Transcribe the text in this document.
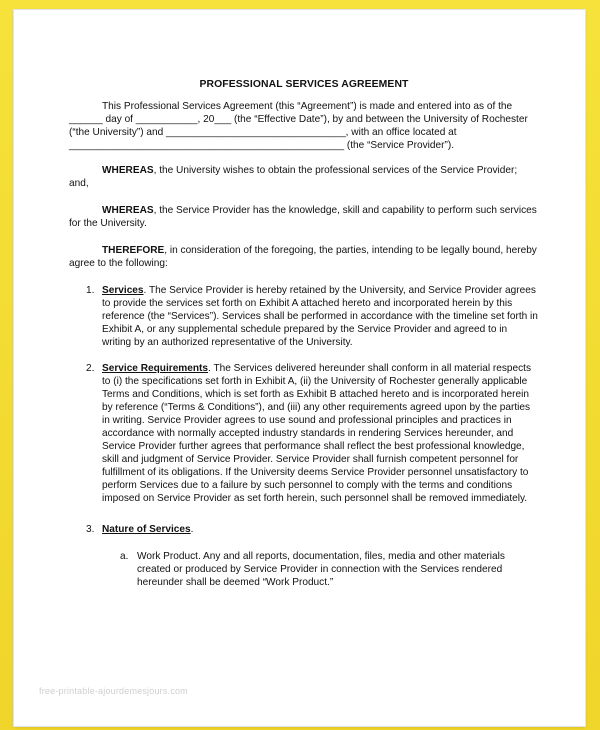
free-printable-ajourdemesjours.com

PROFESSIONAL SERVICES AGREEMENT

This Professional Services Agreement (this “Agreement”) is made and entered into as of the ______ day of ___________, 20___ (the “Effective Date”), by and between the University of Rochester (“the University”) and ________________________________, with an office located at _________________________________________________ (the “Service Provider”).

WHEREAS, the University wishes to obtain the professional services of the Service Provider; and,

WHEREAS, the Service Provider has the knowledge, skill and capability to perform such services for the University.

THEREFORE, in consideration of the foregoing, the parties, intending to be legally bound, hereby agree to the following:

1. Services. The Service Provider is hereby retained by the University, and Service Provider agrees to provide the services set forth on Exhibit A attached hereto and incorporated herein by this reference (the “Services”). Services shall be performed in accordance with the timeline set forth in Exhibit A, or any supplemental schedule prepared by the Service Provider and agreed to in writing by an authorized representative of the University.
2. Service Requirements. The Services delivered hereunder shall conform in all material respects to (i) the specifications set forth in Exhibit A, (ii) the University of Rochester generally applicable Terms and Conditions, which is set forth as Exhibit B attached hereto and is incorporated herein by reference (“Terms & Conditions”), and (iii) any other requirements agreed upon by the parties in writing. Service Provider agrees to use sound and professional principles and practices in accordance with normally accepted industry standards in rendering Services hereunder, and Service Provider further agrees that performance shall reflect the best professional knowledge, skill and judgment of Service Provider. Service Provider shall furnish competent personnel for fulfillment of its obligations. If the University deems Service Provider personnel unsatisfactory to perform Services due to a failure by such personnel to comply with the terms and conditions imposed on Service Provider as set forth herein, such personnel shall be removed immediately.
3. Nature of Services.
a. Work Product. Any and all reports, documentation, files, media and other materials created or produced by Service Provider in connection with the Services rendered hereunder shall be deemed “Work Product.”
